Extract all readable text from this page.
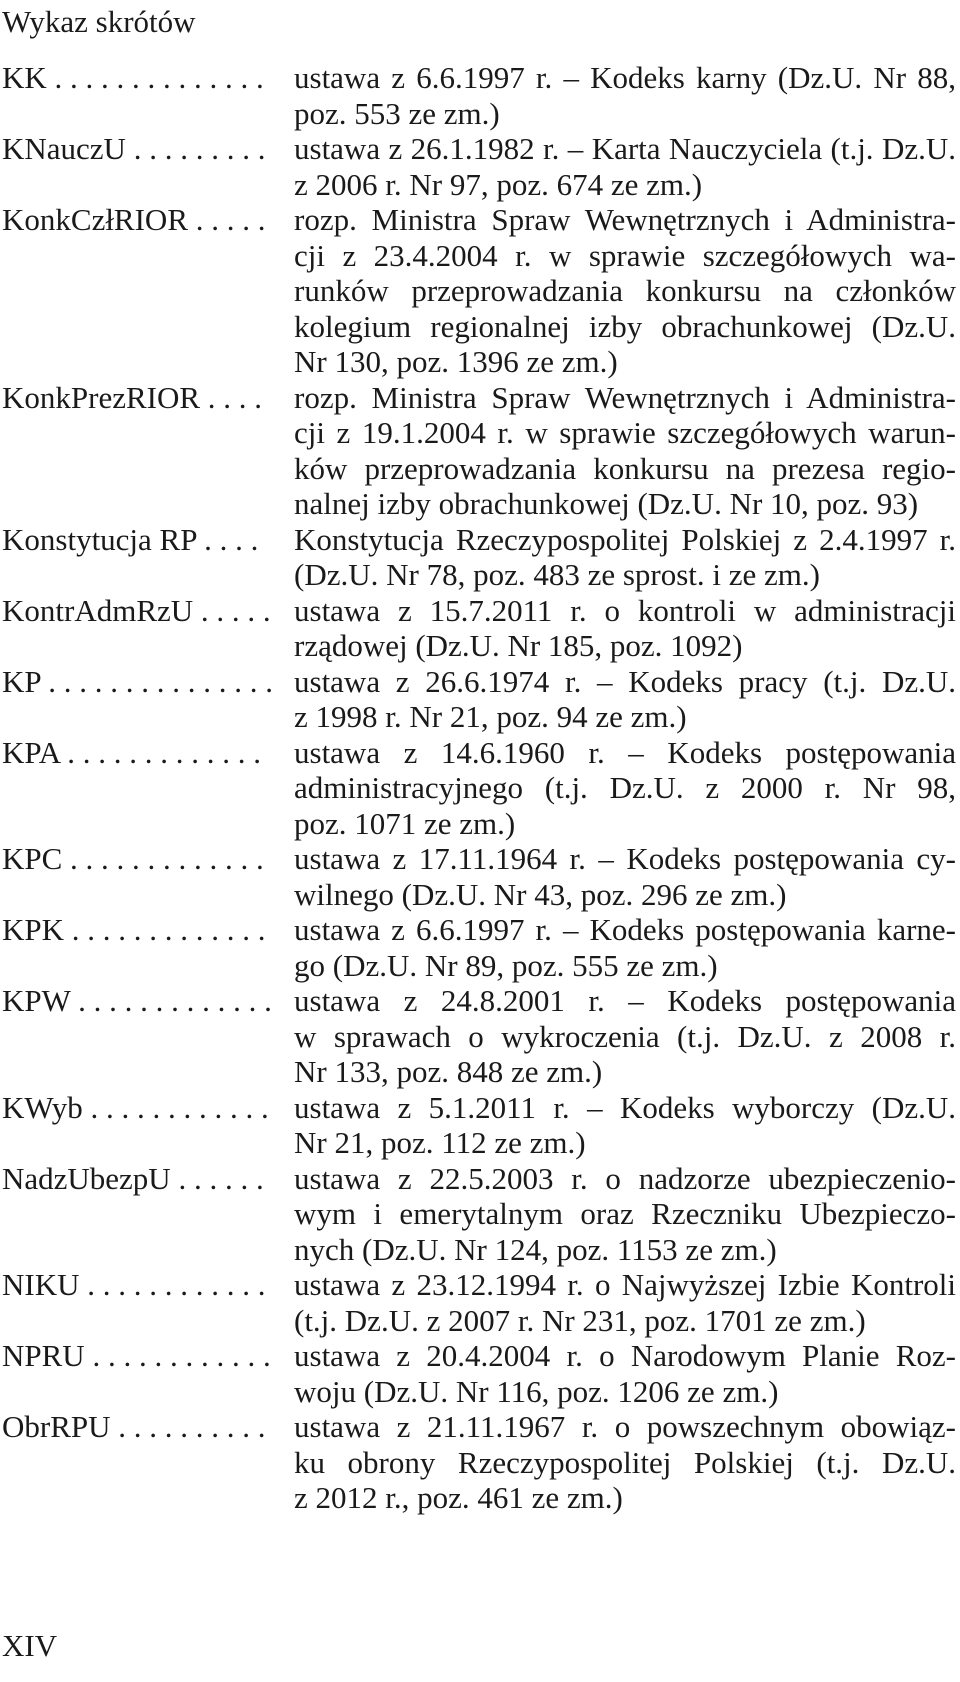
Wykaz skrótów
KK . . . . . . . . . . . . . . ustawa z 6.6.1997 r. – Kodeks karny (Dz.U. Nr 88,
poz. 553 ze zm.)
KNauczU . . . . . . . . . ustawa z 26.1.1982 r. – Karta Nauczyciela (t.j. Dz.U.
z 2006 r. Nr 97, poz. 674 ze zm.)
KonkCzłRIOR . . . . . rozp. Ministra Spraw Wewnętrznych i Administra-
cji z 23.4.2004 r. w sprawie szczegółowych wa-
runków przeprowadzania konkursu na członków
kolegium regionalnej izby obrachunkowej (Dz.U.
Nr 130, poz. 1396 ze zm.)
KonkPrezRIOR . . . .	rozp. Ministra Spraw Wewnętrznych i Administra-
cji z 19.1.2004 r. w sprawie szczegółowych warun-
ków przeprowadzania konkursu na prezesa regio-
nalnej izby obrachunkowej (Dz.U. Nr 10, poz. 93)
Konstytucja RP . . . .	Konstytucja Rzeczypospolitej Polskiej z 2.4.1997 r.
(Dz.U. Nr 78, poz. 483 ze sprost. i ze zm.)
KontrAdmRzU . . . . . ustawa z 15.7.2011 r. o kontroli w administracji
rządowej (Dz.U. Nr 185, poz. 1092)
KP . . . . . . . . . . . . . . . ustawa z 26.6.1974 r. – Kodeks pracy (t.j. Dz.U.
z 1998 r. Nr 21, poz. 94 ze zm.)
KPA . . . . . . . . . . . . .	ustawa z 14.6.1960 r. – Kodeks postępowania
administracyjnego (t.j. Dz.U. z 2000 r. Nr 98,
poz. 1071 ze zm.)
KPC . . . . . . . . . . . . . ustawa z 17.11.1964 r. – Kodeks postępowania cy-
wilnego (Dz.U. Nr 43, poz. 296 ze zm.)
KPK . . . . . . . . . . . . . ustawa z 6.6.1997 r. – Kodeks postępowania karne-
go (Dz.U. Nr 89, poz. 555 ze zm.)
KPW . . . . . . . . . . . . . ustawa z 24.8.2001 r. – Kodeks postępowania
w sprawach o wykroczenia (t.j. Dz.U. z 2008 r.
Nr 133, poz. 848 ze zm.)
KWyb . . . . . . . . . . . . ustawa z 5.1.2011 r. – Kodeks wyborczy (Dz.U.
Nr 21, poz. 112 ze zm.)
NadzUbezpU . . . . . . ustawa z 22.5.2003 r. o nadzorze ubezpieczenio-
wym i emerytalnym oraz Rzeczniku Ubezpieczo-
nych (Dz.U. Nr 124, poz. 1153 ze zm.)
NIKU . . . . . . . . . . . . ustawa z 23.12.1994 r. o Najwyższej Izbie Kontroli
(t.j. Dz.U. z 2007 r. Nr 231, poz. 1701 ze zm.)
NPRU . . . . . . . . . . . . ustawa z 20.4.2004 r. o Narodowym Planie Roz-
woju (Dz.U. Nr 116, poz. 1206 ze zm.)
ObrRPU . . . . . . . . . . ustawa z 21.11.1967 r. o powszechnym obowiąz-
ku obrony Rzeczypospolitej Polskiej (t.j. Dz.U.
z 2012 r., poz. 461 ze zm.)
XIV
